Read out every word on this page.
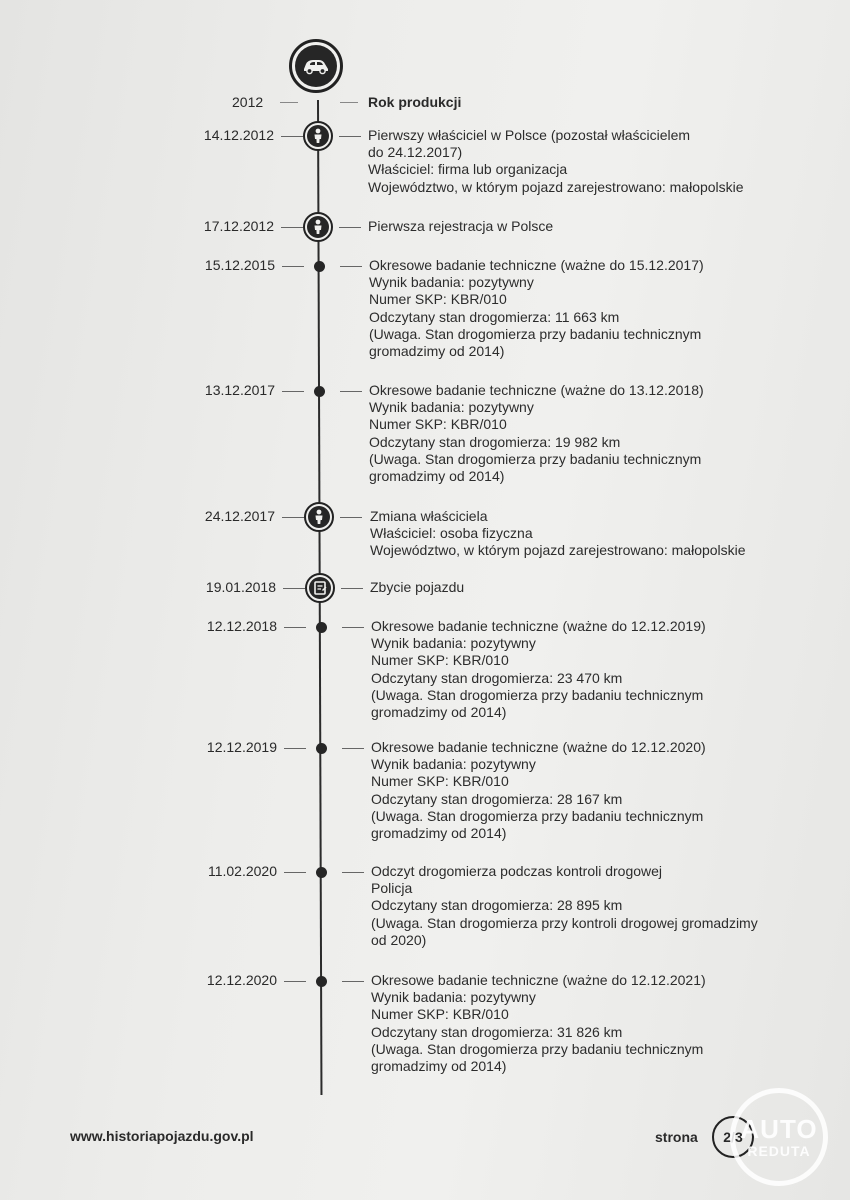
2012	Rok produkcji
14.12.2012	Pierwszy właściciel w Polsce (pozostał właścicielem
do 24.12.2017)
Właściciel: firma lub organizacja
Województwo, w którym pojazd zarejestrowano: małopolskie
17.12.2012	Pierwsza rejestracja w Polsce
15.12.2015	Okresowe badanie techniczne (ważne do 15.12.2017)
Wynik badania: pozytywny
Numer SKP: KBR/010
Odczytany stan drogomierza: 11 663 km
(Uwaga. Stan drogomierza przy badaniu technicznym
gromadzimy od 2014)
13.12.2017	Okresowe badanie techniczne (ważne do 13.12.2018)
Wynik badania: pozytywny
Numer SKP: KBR/010
Odczytany stan drogomierza: 19 982 km
(Uwaga. Stan drogomierza przy badaniu technicznym
gromadzimy od 2014)
24.12.2017	Zmiana właściciela
Właściciel: osoba fizyczna
Województwo, w którym pojazd zarejestrowano: małopolskie
19.01.2018	Zbycie pojazdu
12.12.2018	Okresowe badanie techniczne (ważne do 12.12.2019)
Wynik badania: pozytywny
Numer SKP: KBR/010
Odczytany stan drogomierza: 23 470 km
(Uwaga. Stan drogomierza przy badaniu technicznym
gromadzimy od 2014)
12.12.2019	Okresowe badanie techniczne (ważne do 12.12.2020)
Wynik badania: pozytywny
Numer SKP: KBR/010
Odczytany stan drogomierza: 28 167 km
(Uwaga. Stan drogomierza przy badaniu technicznym
gromadzimy od 2014)
11.02.2020	Odczyt drogomierza podczas kontroli drogowej
Policja
Odczytany stan drogomierza: 28 895 km
(Uwaga. Stan drogomierza przy kontroli drogowej gromadzimy
od 2020)
12.12.2020	Okresowe badanie techniczne (ważne do 12.12.2021)
Wynik badania: pozytywny
Numer SKP: KBR/010
Odczytany stan drogomierza: 31 826 km
(Uwaga. Stan drogomierza przy badaniu technicznym
gromadzimy od 2014)
www.historiapojazdu.gov.pl	strona	2/3
AUTO
REDUTA
